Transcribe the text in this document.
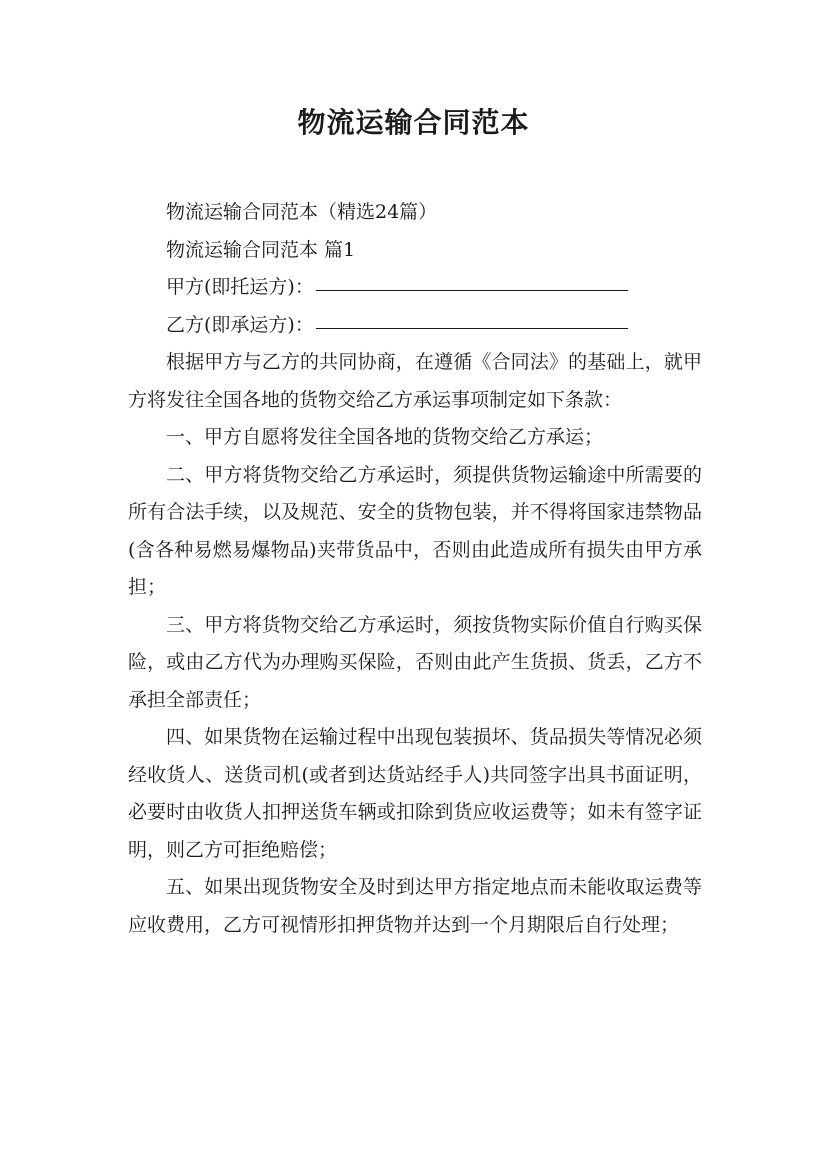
物流运输合同范本

物流运输合同范本（精选24篇）

物流运输合同范本 篇1

甲方(即托运方)：

乙方(即承运方)：

根据甲方与乙方的共同协商，在遵循《合同法》的基础上，就甲方将发往全国各地的货物交给乙方承运事项制定如下条款：

一、甲方自愿将发往全国各地的货物交给乙方承运；

二、甲方将货物交给乙方承运时，须提供货物运输途中所需要的所有合法手续，以及规范、安全的货物包装，并不得将国家违禁物品(含各种易燃易爆物品)夹带货品中，否则由此造成所有损失由甲方承担；

三、甲方将货物交给乙方承运时，须按货物实际价值自行购买保险，或由乙方代为办理购买保险，否则由此产生货损、货丢，乙方不承担全部责任；

四、如果货物在运输过程中出现包装损坏、货品损失等情况必须经收货人、送货司机(或者到达货站经手人)共同签字出具书面证明，必要时由收货人扣押送货车辆或扣除到货应收运费等；如未有签字证明，则乙方可拒绝赔偿；

五、如果出现货物安全及时到达甲方指定地点而未能收取运费等应收费用，乙方可视情形扣押货物并达到一个月期限后自行处理；
